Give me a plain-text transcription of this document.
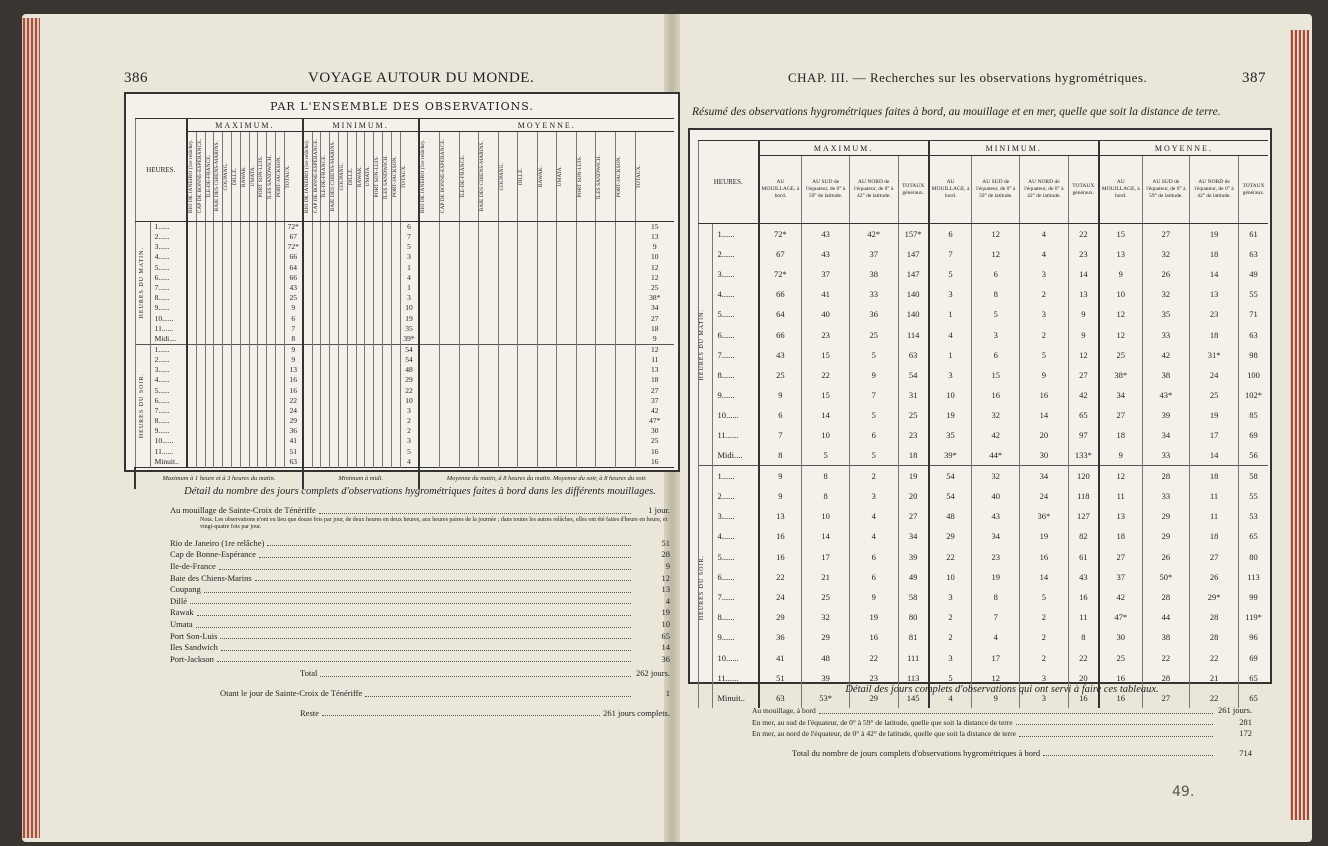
386	VOYAGE AUTOUR DU MONDE.
PAR L'ENSEMBLE DES OBSERVATIONS.
HEURES.		MAXIMUM.												MINIMUM.												MOYENNE.											

		RIO DE JANEIRO (1re relâche).	CAP DE BONNE-ESPÉRANCE.	ÎLE-DE-FRANCE.	BAIE DES CHIENS-MARINS.	COUPANG.	DILLÉ.	RAWAK.	UMATA.	PORT SON-LUIS.	ÎLES SANDWICH.	PORT-JACKSON.	TOTAUX.	RIO DE JANEIRO (1re relâche).	CAP DE BONNE-ESPÉRANCE.	ÎLE-DE-FRANCE.	BAIE DES CHIENS-MARINS.	COUPANG.	DILLÉ.	RAWAK.	UMATA.	PORT SON-LUIS.	ÎLES SANDWICH.	PORT-JACKSON.	TOTAUX.	RIO DE JANEIRO (1re relâche).	CAP DE BONNE-ESPÉRANCE.	ÎLE-DE-FRANCE.	BAIE DES CHIENS-MARINS.	COUPANG.	DILLÉ.	RAWAK.	UMATA.	PORT SON-LUIS.	ÎLES SANDWICH.	PORT-JACKSON.	TOTAUX.

HEURES DU MATIN.	1......												72*												6												15
	2......												67												7												13
	3......												72*												5												9
	4......												66												3												10
	5......												64												1												12
	6......												66												4												12
	7......												43												1												25
	8......												25												3												38*
	9......												9												10												34
	10......												6												19												27
	11......												7												35												18
	Midi....												8												39*												9

HEURES DU SOIR.	1......												9												54												12
	2......												9												54												11
	3......												13												48												13
	4......												16												29												18
	5......												16												22												27
	6......												22												10												37
	7......												24												3												42
	8......												29												2												47*
	9......												36												2												30
	10......												41												3												25
	11......												51												5												16
	Minuit..												63												4												16
Maximum à 1 heure et à 3 heures du matin.														Minimum à midi.												Moyenne du matin, à 8 heures du matin. Moyenne du soir, à 8 heures du soir.											
Détail du nombre des jours complets d'observations hygrométriques faites à bord dans les différents mouillages.
Au mouillage de Sainte-Croix de Ténériffe	1 jour.
Nota. Les observations n'ont eu lieu que douze fois par jour, de deux heures en deux heures, aux heures paires de la journée ; dans toutes les autres relâches, elles ont été faites d'heure en heure, et vingt-quatre fois par jour.
Rio de Janeiro (1re relâche)	51
Cap de Bonne-Espérance	28
Ile-de-France	9
Baie des Chiens-Marins	12
Coupang	13
Dillé	4
Rawak	19
Umata	10
Port Son-Luis	65
Iles Sandwich	14
Port-Jackson	36
Total	262 jours.
Otant le jour de Sainte-Croix de Ténériffe	1
Reste	261 jours complets.
CHAP. III. — Recherches sur les observations hygrométriques.	387
Résumé des observations hygrométriques faites à bord, au mouillage et en mer, quelle que soit la distance de terre.
HEURES.		MAXIMUM.				MINIMUM.				MOYENNE.			
		AU MOUILLAGE, à bord.	AU SUD de l'équateur, de 0° à 59° de latitude.	AU NORD de l'équateur, de 0° à 42° de latitude.	TOTAUX généraux.	AU MOUILLAGE, à bord.	AU SUD de l'équateur, de 0° à 59° de latitude.	AU NORD de l'équateur, de 0° à 42° de latitude.	TOTAUX généraux.	AU MOUILLAGE, à bord.	AU SUD de l'équateur, de 0° à 59° de latitude.	AU NORD de l'équateur, de 0° à 42° de latitude.	TOTAUX généraux.

HEURES DU MATIN.	1......	72*	43	42*	157*	6	12	4	22	15	27	19	61
	2......	67	43	37	147	7	12	4	23	13	32	18	63
	3......	72*	37	38	147	5	6	3	14	9	26	14	49
	4......	66	41	33	140	3	8	2	13	10	32	13	55
	5......	64	40	36	140	1	5	3	9	12	35	23	71
	6......	66	23	25	114	4	3	2	9	12	33	18	63
	7......	43	15	5	63	1	6	5	12	25	42	31*	98
	8......	25	22	9	54	3	15	9	27	38*	38	24	100
	9......	9	15	7	31	10	16	16	42	34	43*	25	102*
	10......	6	14	5	25	19	32	14	65	27	39	19	85
	11......	7	10	6	23	35	42	20	97	18	34	17	69
	Midi....	8	5	5	18	39*	44*	30	133*	9	33	14	56

HEURES DU SOIR.	1......	9	8	2	19	54	32	34	120	12	28	18	58
	2......	9	8	3	20	54	40	24	118	11	33	11	55
	3......	13	10	4	27	48	43	36*	127	13	29	11	53
	4......	16	14	4	34	29	34	19	82	18	29	18	65
	5......	16	17	6	39	22	23	16	61	27	26	27	80
	6......	22	21	6	49	10	19	14	43	37	50*	26	113
	7......	24	25	9	58	3	8	5	16	42	28	29*	99
	8......	29	32	19	80	2	7	2	11	47*	44	28	119*
	9......	36	29	16	81	2	4	2	8	30	38	28	96
	10......	41	48	22	111	3	17	2	22	25	22	22	69
	11......	51	39	23	113	5	12	3	20	16	28	21	65
	Minuit..	63	53*	29	145	4	9	3	16	16	27	22	65
Détail des jours complets d'observations qui ont servi à faire ces tableaux.
Au mouillage, à bord	261 jours.
En mer, au sud de l'équateur, de 0° à 59° de latitude, quelle que soit la distance de terre	281
En mer, au nord de l'équateur, de 0° à 42° de latitude, quelle que soit la distance de terre	172
Total du nombre de jours complets d'observations hygrométriques à bord	714
49.
